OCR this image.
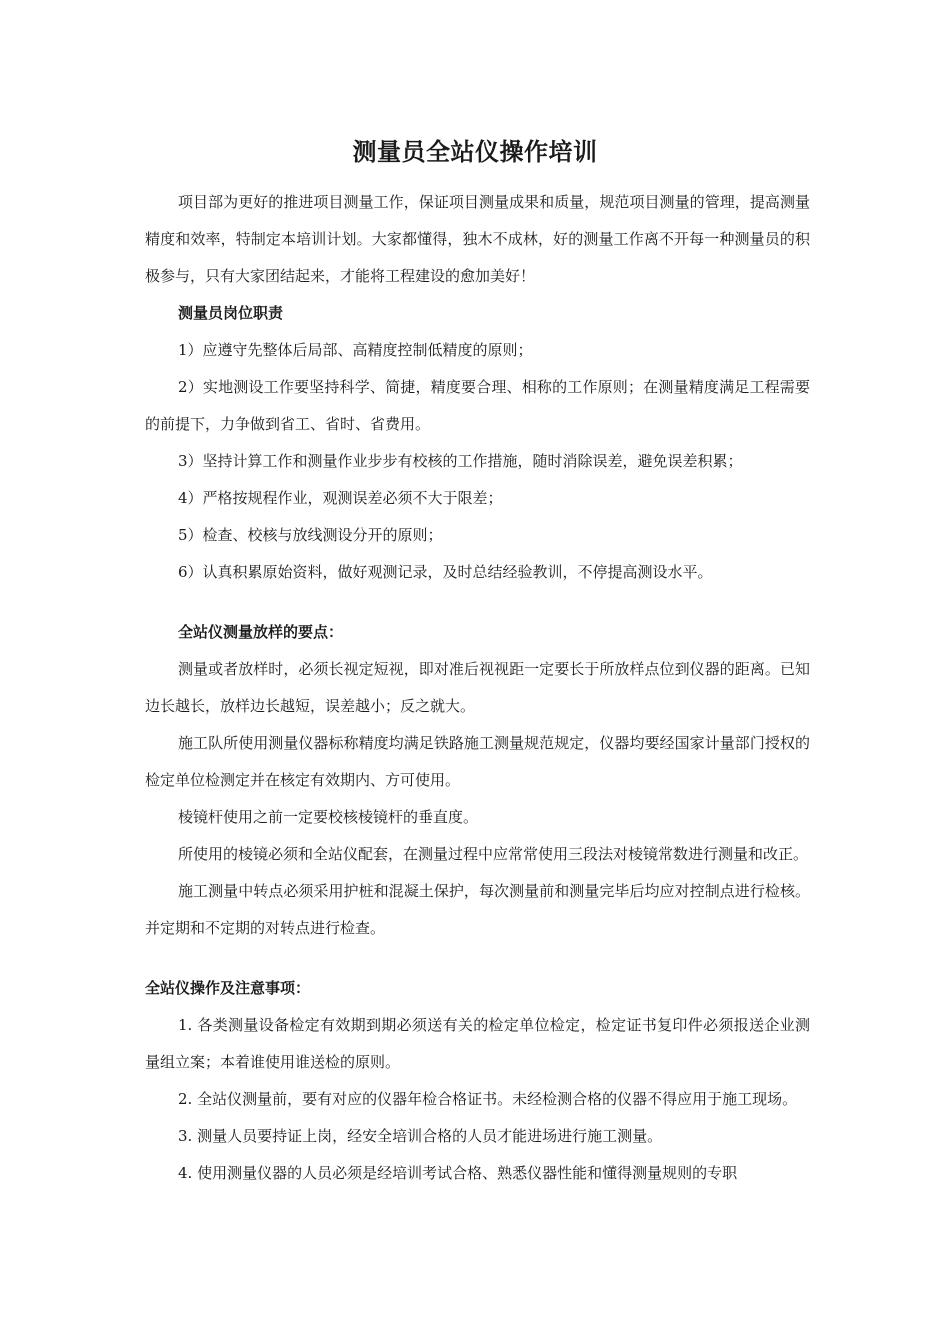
测量员全站仪操作培训

项目部为更好的推进项目测量工作，保证项目测量成果和质量，规范项目测量的管理，提高测量精度和效率，特制定本培训计划。大家都懂得，独木不成林，好的测量工作离不开每一种测量员的积极参与，只有大家团结起来，才能将工程建设的愈加美好！

测量员岗位职责

1）应遵守先整体后局部、高精度控制低精度的原则；

2）实地测设工作要坚持科学、简捷，精度要合理、相称的工作原则；在测量精度满足工程需要的前提下，力争做到省工、省时、省费用。

3）坚持计算工作和测量作业步步有校核的工作措施，随时消除误差，避免误差积累；

4）严格按规程作业，观测误差必须不大于限差；

5）检查、校核与放线测设分开的原则；

6）认真积累原始资料，做好观测记录，及时总结经验教训，不停提高测设水平。

全站仪测量放样的要点：

测量或者放样时，必须长视定短视，即对准后视视距一定要长于所放样点位到仪器的距离。已知边长越长，放样边长越短，误差越小；反之就大。

施工队所使用测量仪器标称精度均满足铁路施工测量规范规定，仪器均要经国家计量部门授权的检定单位检测定并在核定有效期内、方可使用。

棱镜杆使用之前一定要校核棱镜杆的垂直度。

所使用的棱镜必须和全站仪配套，在测量过程中应常常使用三段法对棱镜常数进行测量和改正。

施工测量中转点必须采用护桩和混凝土保护，每次测量前和测量完毕后均应对控制点进行检核。并定期和不定期的对转点进行检查。

全站仪操作及注意事项：

1. 各类测量设备检定有效期到期必须送有关的检定单位检定，检定证书复印件必须报送企业测量组立案；本着谁使用谁送检的原则。

2. 全站仪测量前，要有对应的仪器年检合格证书。未经检测合格的仪器不得应用于施工现场。

3. 测量人员要持证上岗，经安全培训合格的人员才能进场进行施工测量。

4. 使用测量仪器的人员必须是经培训考试合格、熟悉仪器性能和懂得测量规则的专职
